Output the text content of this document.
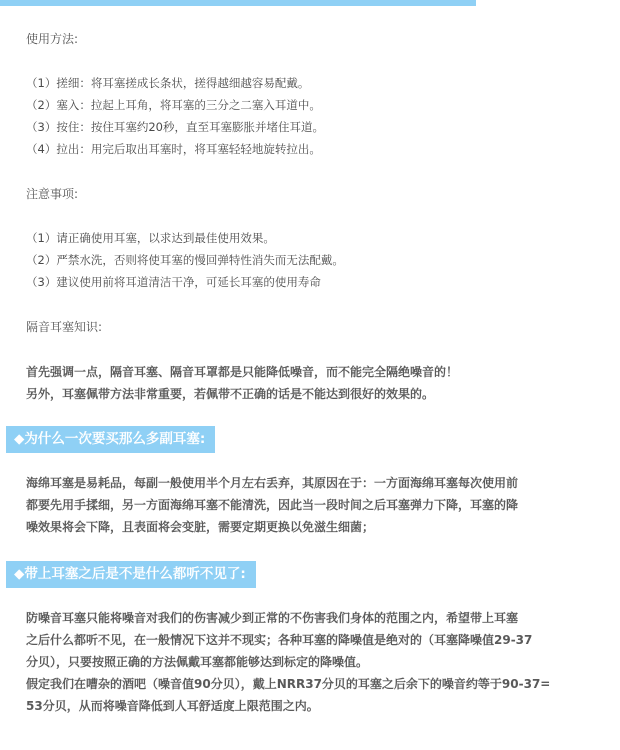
使用方法:
（1）搓细：将耳塞搓成长条状，搓得越细越容易配戴。
（2）塞入：拉起上耳角，将耳塞的三分之二塞入耳道中。
（3）按住：按住耳塞约20秒，直至耳塞膨胀并堵住耳道。
（4）拉出：用完后取出耳塞时，将耳塞轻轻地旋转拉出。
注意事项:
（1）请正确使用耳塞，以求达到最佳使用效果。
（2）严禁水洗，否则将使耳塞的慢回弹特性消失而无法配戴。
（3）建议使用前将耳道清洁干净，可延长耳塞的使用寿命
隔音耳塞知识:
首先强调一点，隔音耳塞、隔音耳罩都是只能降低噪音，而不能完全隔绝噪音的！
另外，耳塞佩带方法非常重要，若佩带不正确的话是不能达到很好的效果的。
◆为什么一次要买那么多副耳塞:
海绵耳塞是易耗品，每副一般使用半个月左右丢弃，其原因在于：一方面海绵耳塞每次使用前
都要先用手揉细，另一方面海绵耳塞不能清洗，因此当一段时间之后耳塞弹力下降，耳塞的降
噪效果将会下降，且表面将会变脏，需要定期更换以免滋生细菌；
◆带上耳塞之后是不是什么都听不见了:
防噪音耳塞只能将噪音对我们的伤害减少到正常的不伤害我们身体的范围之内，希望带上耳塞
之后什么都听不见，在一般情况下这并不现实；各种耳塞的降噪值是绝对的（耳塞降噪值29-37
分贝），只要按照正确的方法佩戴耳塞都能够达到标定的降噪值。
假定我们在嘈杂的酒吧（噪音值90分贝），戴上NRR37分贝的耳塞之后余下的噪音约等于90-37=
53分贝，从而将噪音降低到人耳舒适度上限范围之内。
